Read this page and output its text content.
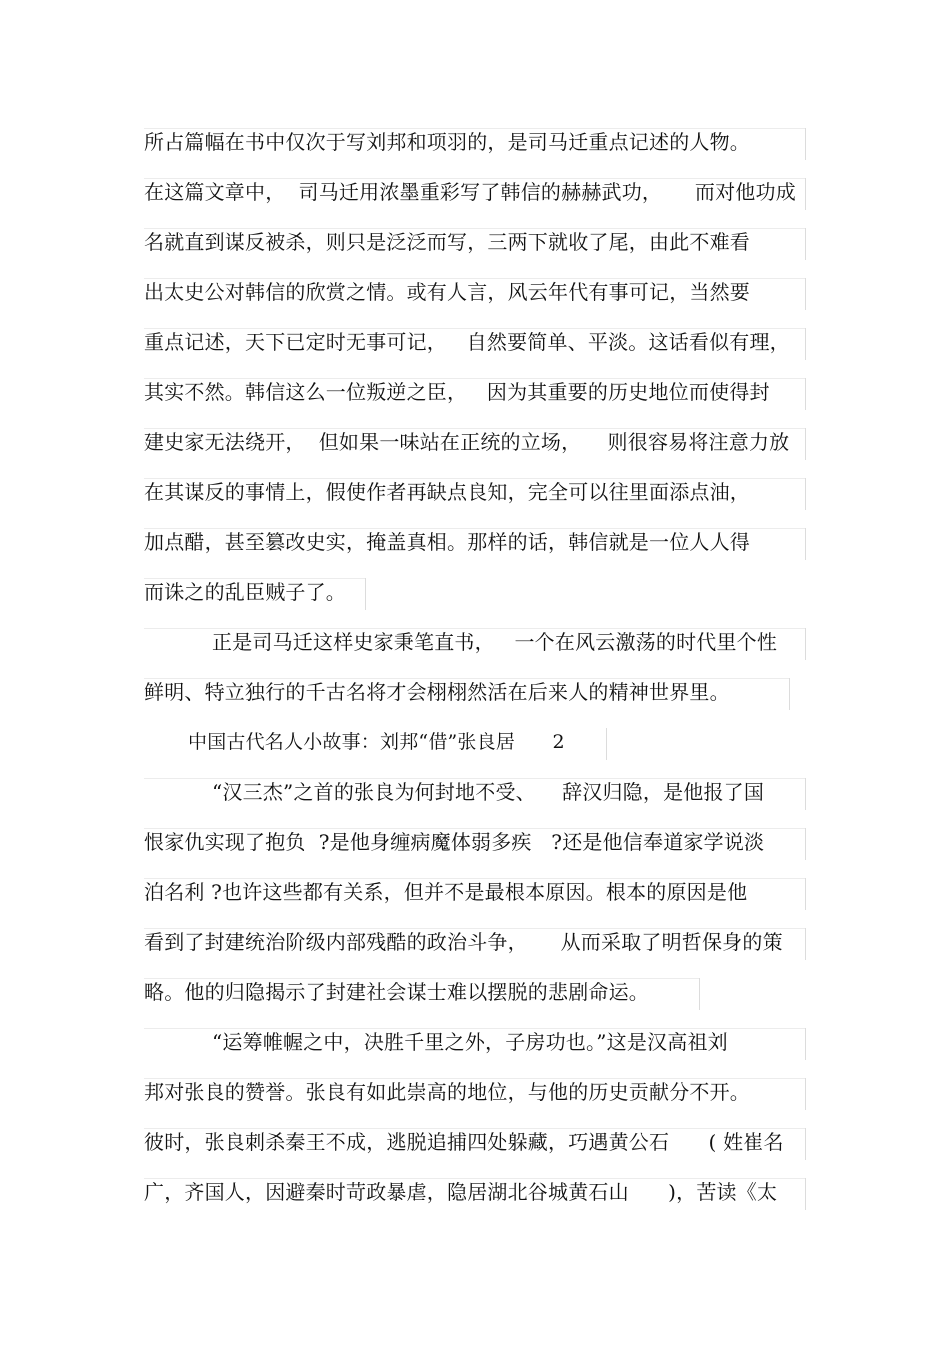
所占篇幅在书中仅次于写刘邦和项羽的，是司马迁重点记述的人物。
在这篇文章中，  司马迁用浓墨重彩写了韩信的赫赫武功，     而对他功成
名就直到谋反被杀，则只是泛泛而写，三两下就收了尾，由此不难看
出太史公对韩信的欣赏之情。或有人言，风云年代有事可记，当然要
重点记述，天下已定时无事可记，   自然要简单、平淡。这话看似有理，
其实不然。韩信这么一位叛逆之臣，   因为其重要的历史地位而使得封
建史家无法绕开，  但如果一味站在正统的立场，    则很容易将注意力放
在其谋反的事情上，假使作者再缺点良知，完全可以往里面添点油，
加点醋，甚至篡改史实，掩盖真相。那样的话，韩信就是一位人人得
而诛之的乱臣贼子了。
正是司马迁这样史家秉笔直书，   一个在风云激荡的时代里个性
鲜明、特立独行的千古名将才会栩栩然活在后来人的精神世界里。
中国古代名人小故事：刘邦“借”张良居      2
“汉三杰”之首的张良为何封地不受、    辞汉归隐，是他报了国
恨家仇实现了抱负  ?是他身缠病魔体弱多疾   ?还是他信奉道家学说淡
泊名利 ?也许这些都有关系，但并不是最根本原因。根本的原因是他
看到了封建统治阶级内部残酷的政治斗争，     从而采取了明哲保身的策
略。他的归隐揭示了封建社会谋士难以摆脱的悲剧命运。
“运筹帷幄之中，决胜千里之外，子房功也。”这是汉高祖刘
邦对张良的赞誉。张良有如此崇高的地位，与他的历史贡献分不开。
彼时，张良刺杀秦王不成，逃脱追捕四处躲藏，巧遇黄公石      ( 姓崔名
广，齐国人，因避秦时苛政暴虐，隐居湖北谷城黄石山      )，苦读《太
